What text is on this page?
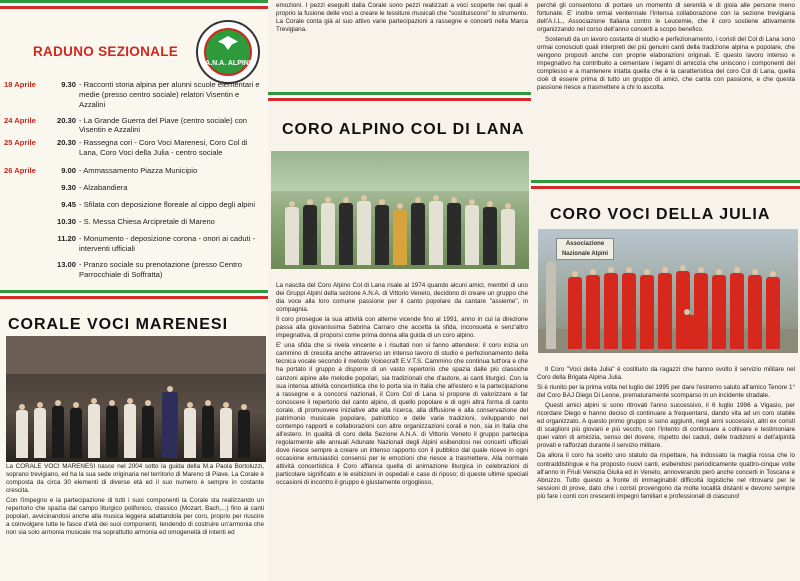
RADUNO SEZIONALE
A.N.A. ALPINI
18 Aprile	9.30 - Racconti storia alpina per alunni scuole elementari e medie (presso centro sociale) relatori Visentin e Azzalini
24 Aprile	20.30 - La Grande Guerra del Piave (centro sociale) con Visentin e Azzalini
25 Aprile	20.30 - Rassegna cori - Coro Voci Marenesi, Coro Col di Lana, Coro Voci della Julia - centro sociale
26 Aprile	9.00 - Ammassamento Piazza Municipio
9.30 - Alzabandiera
9.45 - Sfilata con deposizione floreale al cippo degli alpini
10.30 - S. Messa Chiesa Arcipretale di Mareno
11.20 - Monumento - deposizione corona - onori ai caduti - interventi ufficiali
13.00 - Pranzo sociale su prenotazione (presso Centro Parrocchiale di Soffratta)
CORALE VOCI MARENESI

La CORALE VOCI MARENESI nasce nel 2004 sotto la guida della M.a Paola Bortoluzzi, soprano trevigiano, ed ha la sua sede originaria nel territorio di Mareno di Piave. La Corale è composta da circa 30 elementi di diverse età ed il suo numero è sempre in costante crescita.

Con l'impegno e la partecipazione di tutti i suoi componenti la Corale sta realizzando un repertorio che spazia dal campo liturgico polifonico, classico (Mozart, Bach,...) fino ai canti popolari, avvicinandosi anche alla musica leggera adattandola per coro, proprio per riuscire a coinvolgere tutte le fasce d'età dei suoi componenti, tendendo di costruire un'armonia che non sia solo armonia musicale ma soprattutto armonia ed omogeneità di intenti ed

emozioni. I pezzi eseguiti dalla Corale sono pezzi realizzati a voci scoperte nei quali è proprio la fusione delle voci a creare le tessiture musicali che "sostituiscono" lo strumento. La Corale conta già al suo attivo varie partecipazioni a rassegne e concerti nella Marca Trevigiana.
CORO ALPINO COL DI LANA

La nascita del Coro Alpino Col di Lana risale al 1974 quando alcuni amici, membri di uno dei Gruppi Alpini della sezione A.N.A. di Vittorio Veneto, decidono di creare un gruppo che dia voce alla loro comune passione per il canto popolare da cantare "assieme", in compagnia.

Il coro prosegue la sua attività con alterne vicende fino al 1991, anno in cui la direzione passa alla giovanissima Sabrina Carraro che accetta la sfida, inconsueta e senz'altro impegnativa, di proporsi come prima donna alla guida di un coro alpino.

E' una sfida che si rivela vincente e i risultati non si fanno attendere: il coro inizia un cammino di crescita anche attraverso un intenso lavoro di studio e perfezionamento della tecnica vocale secondo il metodo Voicecraft E.V.T.S. Cammino che continua tutt'ora e che ha portato il gruppo a disporre di un vasto repertorio che spazia dalle più classiche canzoni alpine alle melodie popolari, sia tradizionali che d'autore, ai canti liturgici. Con la sua intensa attività concertistica che lo porta sia in Italia che all'estero e la partecipazione a rassegne e a concorsi nazionali, il Coro Col di Lana si propone di valorizzare e far conoscere il repertorio del canto alpino, di quello popolare e di ogni altra forma di canto corale, di promuovere iniziative atte alla ricerca, alla diffusione e alla conservazione del patrimonio musicale popolare, patriottico e delle varie tradizioni, sviluppando nel contempo rapporti e collaborazioni con altre organizzazioni corali e non, sia in Italia che all'estero. In qualità di coro della Sezione A.N.A. di Vittorio Veneto il gruppo partecipa regolarmente alle annuali Adunate Nazionali degli Alpini esibendosi nei concerti ufficiali dove riesce sempre a creare un intenso rapporto con il pubblico dal quale riceve in ogni occasione entusiastici consensi per le emozioni che riesce a trasmettere. Alla normale attività concertistica il Coro affianca quella di animazione liturgica in celebrazioni di particolare significato e le esibizioni in ospedali e case di riposo; di queste ultime speciali occasioni di incontro il gruppo è giustamente orgoglioso,

perché gli consentono di portare un momento di serenità e di gioia alle persone meno fortunate. E' inoltre ormai ventennale l'intensa collaborazione con la sezione trevigiana dell'A.I.L., Associazione Italiana contro le Leucemie, che il coro sostiene attivamente organizzando nel corso dell'anno concerti a scopo benefico.

Sostenuti da un lavoro costante di studio e perfezionamento, i coristi del Col di Lana sono ormai conosciuti quali interpreti dei più genuini canti della tradizione alpina e popolare, che vengono proposti anche con proprie elaborazioni originali. E questo lavoro intenso e impegnativo ha contribuito a cementare i legami di amicizia che uniscono i componenti del complesso e a mantenere intatta quella che è la caratteristica del coro Col di Lana, quella cioè di essere prima di tutto un gruppo di amici, che canta con passione, e che questa passione riesce a trasmettere a chi lo ascolta.

CORO VOCI DELLA JULIA
Associazione Nazionale Alpini

Il Coro "Voci della Julia" è costituito da ragazzi che hanno svolto il servizio militare nel Coro della Brigata Alpina Julia.

Si è riunito per la prima volta nel luglio del 1995 per dare l'estremo saluto all'amico Tenore 1° del Coro BAJ Diego Di Leone, prematuramente scomparso in un incidente stradale.

Questi amici alpini si sono ritrovati l'anno successivo, il 6 luglio 1996 a Vigasio, per ricordare Diego e hanno deciso di continuare a frequentarsi, dando vita ad un coro stabile ed organizzato. A questo primo gruppo si sono aggiunti, negli anni successivi, altri ex coristi di scaglioni più giovani e più vecchi, con l'intento di continuare a coltivare e testimoniare quei valori di amicizia, senso del dovere, rispetto dei caduti, delle tradizioni e dell'alpinità provati e rafforzati durante il servizio militare.

Da allora il coro ha scelto uno statuto da rispettare, ha indossato la maglia rossa che lo contraddistingue e ha proposto nuovi canti, esibendosi periodicamente quattro-cinque volte all'anno in Friuli Venezia Giulia ed in Veneto, annoverando però anche concerti in Toscana e Abruzzo. Tutto questo a fronte di immaginabili difficoltà logistiche nel ritrovarsi per le sessioni di prove, dato che i coristi provengono da molte località distanti e devono sempre più fare i conti con crescenti impegni familiari e professionali di ciascuno!
